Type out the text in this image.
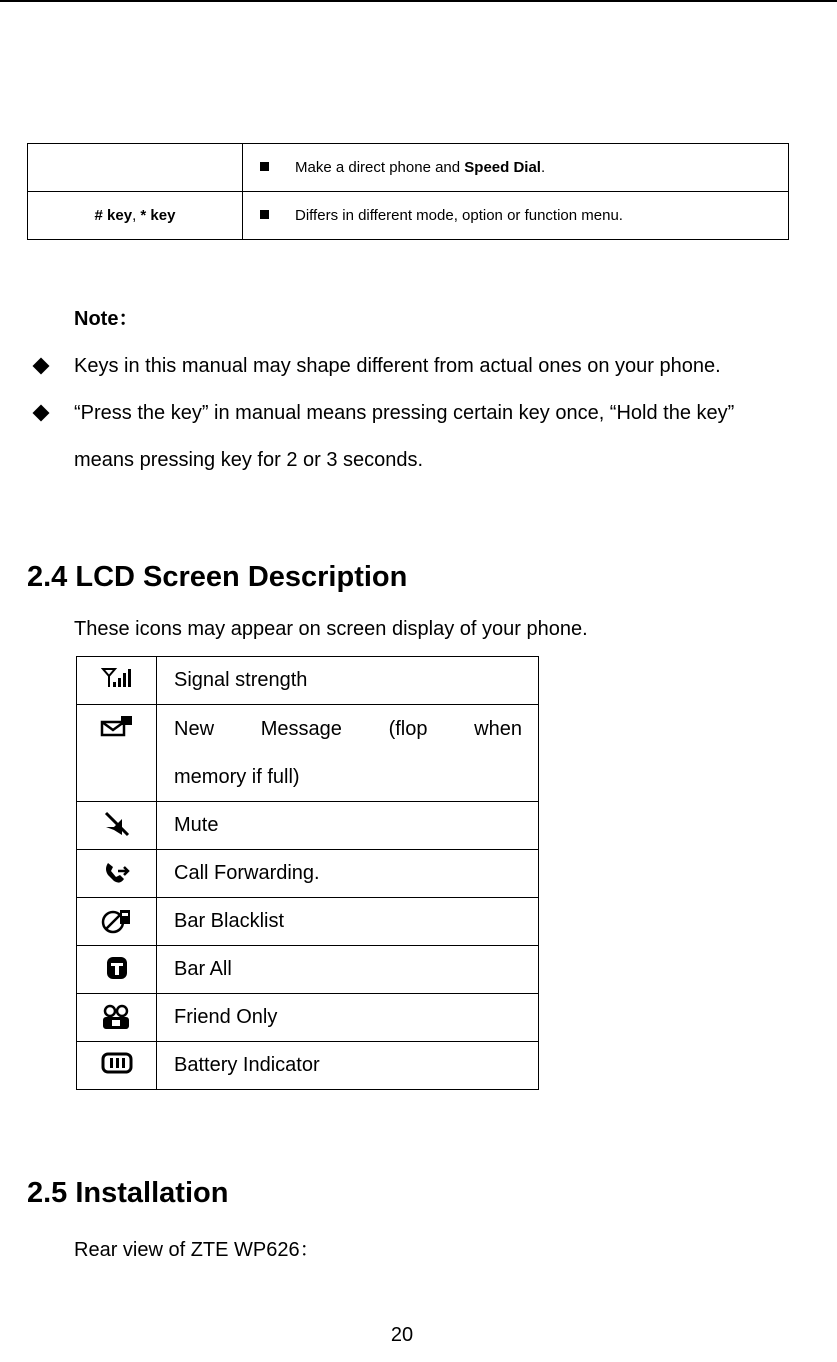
	Make a direct phone and Speed Dial.
# key, * key	Differs in different mode, option or function menu.
Note：
Keys in this manual may shape different from actual ones on your phone.
“Press the key” in manual means pressing certain key once, “Hold the key” means pressing key for 2 or 3 seconds.
2.4 LCD Screen Description
These icons may appear on screen display of your phone.
	Signal strength

	New    Message    (flop    when memory if full)

	Mute

	Call Forwarding.

	Bar Blacklist

	Bar All

	Friend Only

	Battery Indicator
2.5 Installation
Rear view of ZTE WP626：
20
